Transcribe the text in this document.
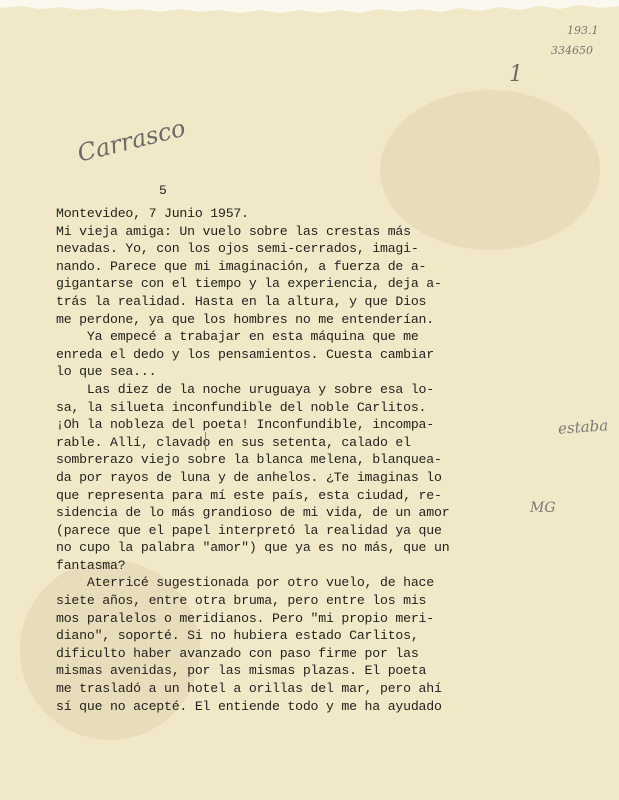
193.1
334650
1
Carrasco
5
Montevideo, 7 Junio 1957.
Mi vieja amiga: Un vuelo sobre las crestas más
nevadas. Yo, con los ojos semi-cerrados, imagi-
nando. Parece que mi imaginación, a fuerza de a-
gigantarse con el tiempo y la experiencia, deja a-
trás la realidad. Hasta en la altura, y que Dios
me perdone, ya que los hombres no me entenderían.
Ya empecé a trabajar en esta máquina que me
enreda el dedo y los pensamientos. Cuesta cambiar
lo que sea...
Las diez de la noche uruguaya y sobre esa lo-
sa, la silueta inconfundible del noble Carlitos.
¡Oh la nobleza del poeta! Inconfundible, incompa-
rable. Allí, clavado en sus setenta, calado el
sombrerazo viejo sobre la blanca melena, blanquea-
da por rayos de luna y de anhelos. ¿Te imaginas lo
que representa para mí este país, esta ciudad, re-
sidencia de lo más grandioso de mi vida, de un amor
(parece que el papel interpretó la realidad ya que
no cupo la palabra "amor") que ya es no más, que un
fantasma?
Aterricé sugestionada por otro vuelo, de hace
siete años, entre otra bruma, pero entre los mis
mos paralelos o meridianos. Pero "mi propio meri-
diano", soporté. Si no hubiera estado Carlitos,
dificulto haber avanzado con paso firme por las
mismas avenidas, por las mismas plazas. El poeta
me trasladó a un hotel a orillas del mar, pero ahí
sí que no acepté. El entiende todo y me ha ayudado
estaba
MG
